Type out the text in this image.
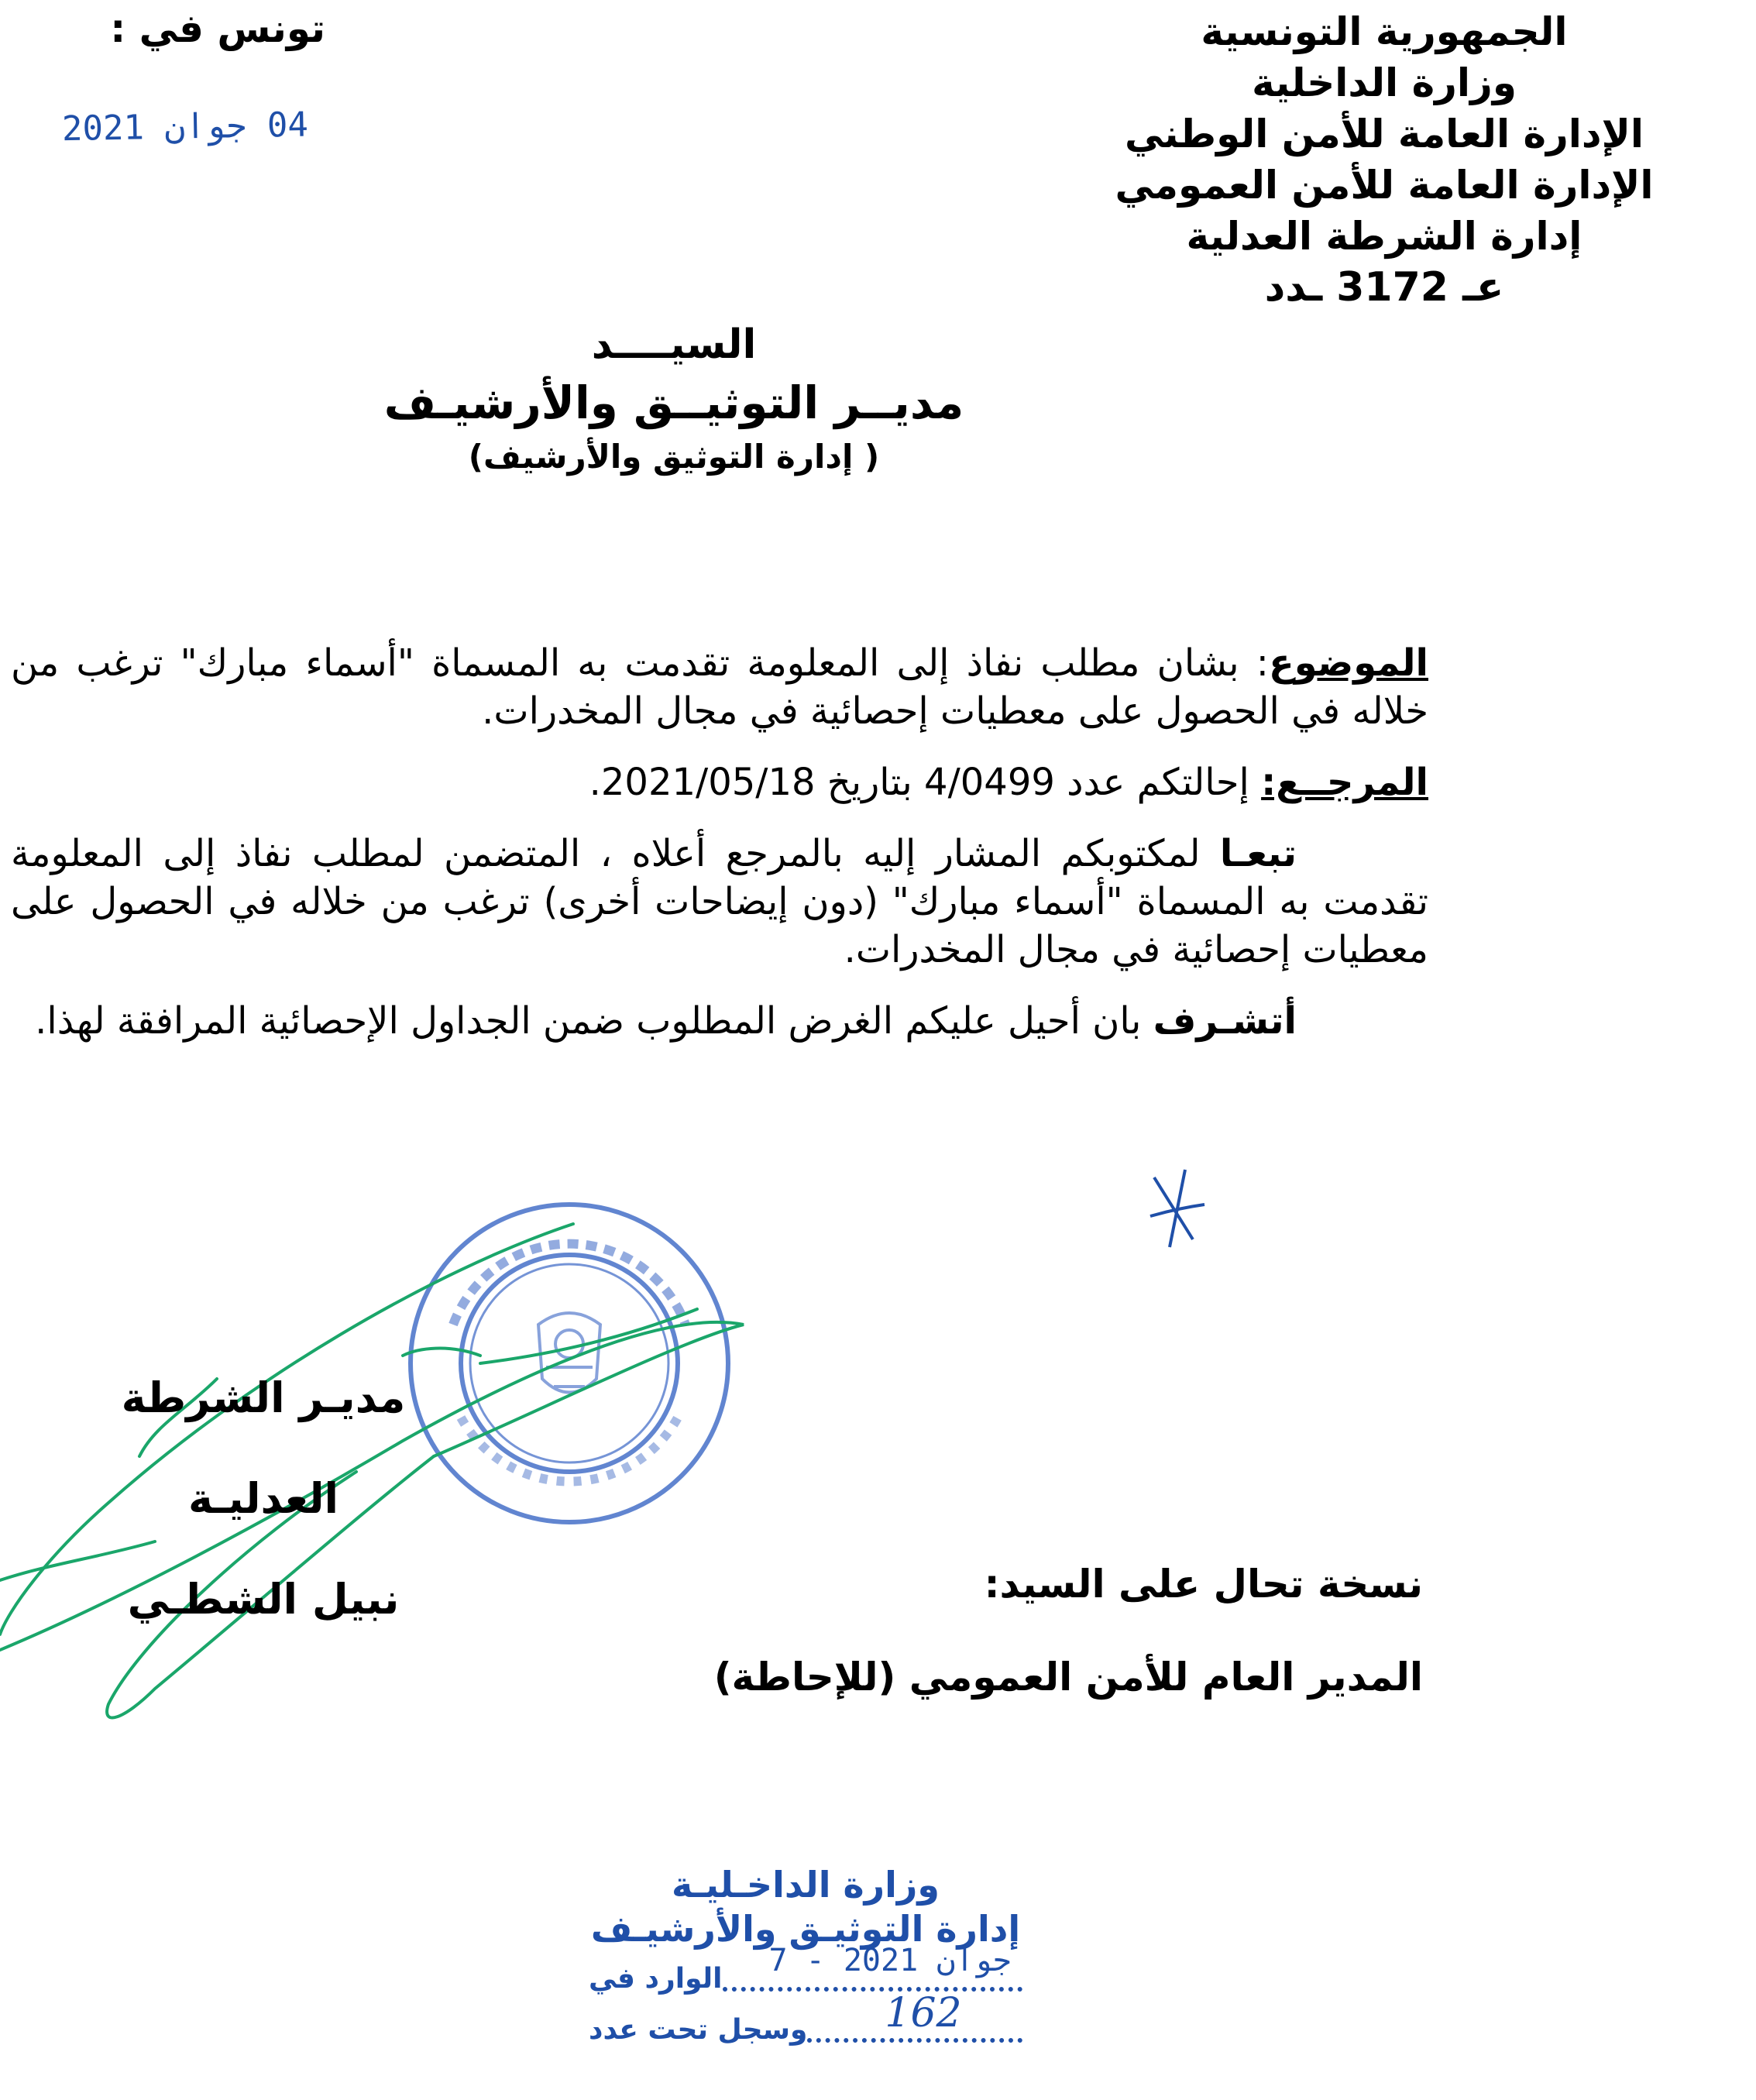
الجمهورية التونسية
وزارة الداخلية
الإدارة العامة للأمن الوطني
الإدارة العامة للأمن العمومي
إدارة الشرطة العدلية
عـ 3172 ـدد
تونس في :
04 جوان 2021
السيــــد
مديــر التوثيــق والأرشيـف
( إدارة التوثيق والأرشيف)

الموضوع: بشان مطلب نفاذ إلى المعلومة تقدمت به المسماة "أسماء مبارك" ترغب من خلاله في الحصول على معطيات إحصائية في مجال المخدرات.

المرجــع: إحالتكم عدد 4/0499 بتاريخ 2021/05/18.

تبعـا لمكتوبكم المشار إليه بالمرجع أعلاه ، المتضمن لمطلب نفاذ إلى المعلومة تقدمت به المسماة "أسماء مبارك" (دون إيضاحات أخرى) ترغب من خلاله في الحصول على معطيات إحصائية في مجال المخدرات.

أتشـرف بان أحيل عليكم الغرض المطلوب ضمن الجداول الإحصائية المرافقة لهذا.

مديـر الشرطة العدليـة
نبيل الشطـي	نسخة تحال على السيد:
المدير العام للأمن العمومي (للإحاطة)
وزارة الداخـليـة
إدارة التوثيـق والأرشيـف
الوارد في
7 - جوان 2021
وسجل تحت عدد 162
